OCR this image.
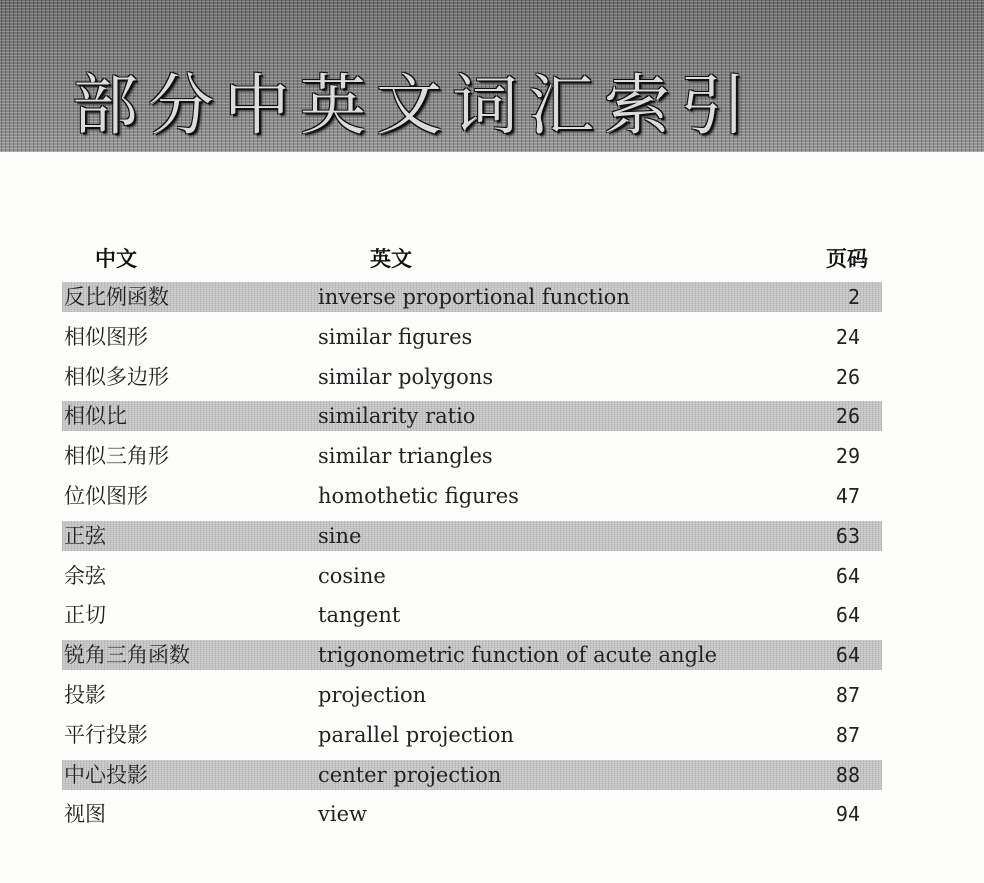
部分中英文词汇索引
中文	英文	页码
反比例函数	inverse proportional function	2
相似图形	similar figures	24
相似多边形	similar polygons	26
相似比	similarity ratio	26
相似三角形	similar triangles	29
位似图形	homothetic figures	47
正弦	sine	63
余弦	cosine	64
正切	tangent	64
锐角三角函数	trigonometric function of acute angle	64
投影	projection	87
平行投影	parallel projection	87
中心投影	center projection	88
视图	view	94
